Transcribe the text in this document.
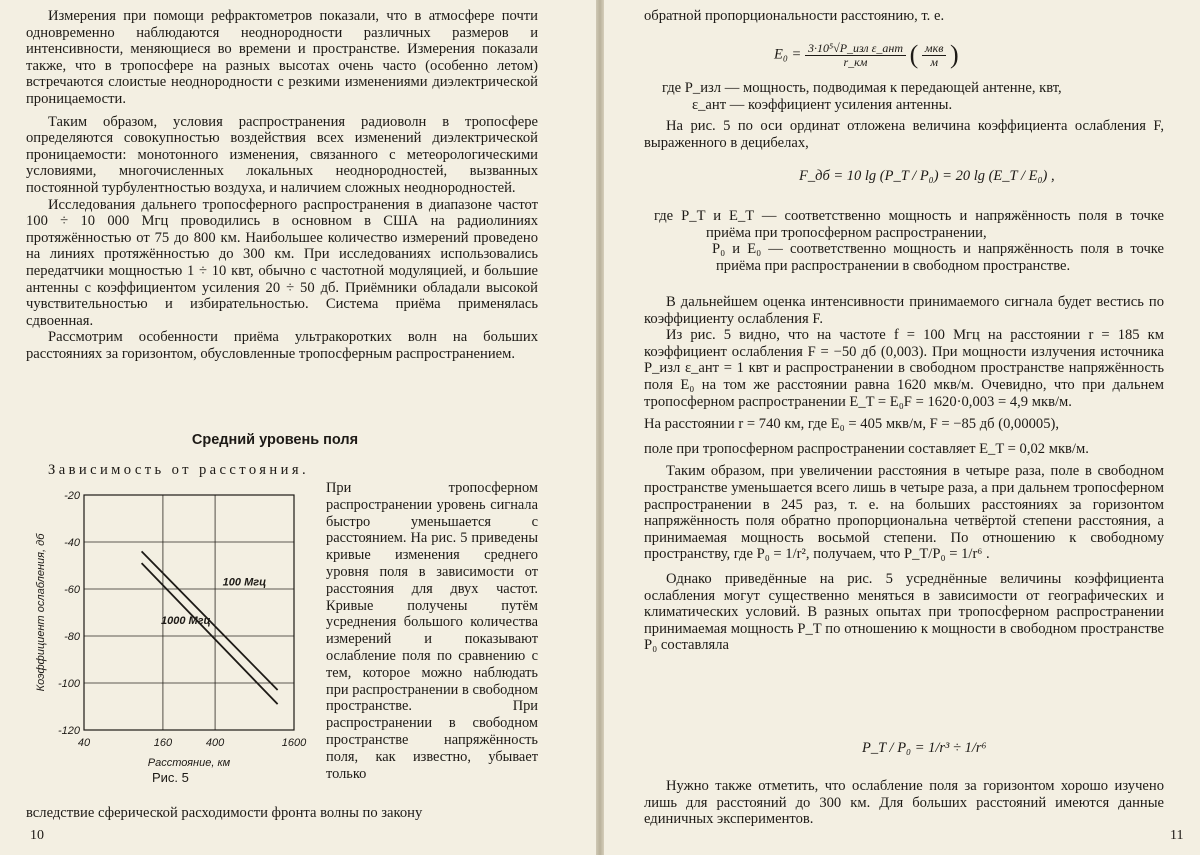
Измерения при помощи рефрактометров показали, что в атмосфере почти одновременно наблюдаются неоднородности различных размеров и интенсивности, меняющиеся во времени и пространстве. Измерения показали также, что в тропосфере на разных высотах очень часто (особенно летом) встречаются слоистые неоднородности с резкими изменениями диэлектрической проницаемости.

Таким образом, условия распространения радиоволн в тропосфере определяются совокупностью воздействия всех изменений диэлектрической проницаемости: монотонного изменения, связанного с метеорологическими условиями, многочисленных локальных неоднородностей, вызванных постоянной турбулентностью воздуха, и наличием сложных неоднородностей.

Исследования дальнего тропосферного распространения в диапазоне частот 100 ÷ 10 000 Мгц проводились в основном в США на радиолиниях протяжённостью от 75 до 800 км. Наибольшее количество измерений проведено на линиях протяжённостью до 300 км. При исследованиях использовались передатчики мощностью 1 ÷ 10 квт, обычно с частотной модуляцией, и большие антенны с коэффициентом усиления 20 ÷ 50 дб. Приёмники обладали высокой чувствительностью и избирательностью. Система приёма применялась сдвоенная.

Рассмотрим особенности приёма ультракоротких волн на больших расстояниях за горизонтом, обусловленные тропосферным распространением.

Средний уровень поля
Зависимость от расстояния.
40	160	400	1600
-20
-40
-60
-80
-100
-120
100 Мгц
1000 Мгц
Коэффициент ослабления, дб
Расстояние, км
Рис. 5
При тропосферном распространении уровень сигнала быстро уменьшается с расстоянием. На рис. 5 приведены кривые изменения среднего уровня поля в зависимости от расстояния для двух частот. Кривые получены путём усреднения большого количества измерений и показывают ослабление поля по сравнению с тем, которое можно наблюдать при распространении в свободном пространстве. При распространении в свободном пространстве напряжённость поля, как известно, убывает только
вследствие сферической расходимости фронта волны по закону
10
обратной пропорциональности расстоянию, т. е.
$E_0 = \frac{\text{3·10⁵√P\_изл ε\_ант}}{r\_км}$ ( $\frac{\text{мкв}}{м}$ )

где P_изл — мощность, подводимая к передающей антенне, квт,

ε_ант — коэффициент усиления антенны.

На рис. 5 по оси ординат отложена величина коэффициента ослабления F, выраженного в децибелах,

F_дб = 10 lg (P_T / P₀) = 20 lg (E_T / E₀) ,

где P_T и E_T — соответственно мощность и напряжённость поля в точке приёма при тропосферном распространении,

P₀ и E₀ — соответственно мощность и напряжённость поля в точке приёма при распространении в свободном пространстве.

В дальнейшем оценка интенсивности принимаемого сигнала будет вестись по коэффициенту ослабления F.

Из рис. 5 видно, что на частоте f = 100 Мгц на расстоянии r = 185 км коэффициент ослабления F = −50 дб (0,003). При мощности излучения источника P_изл ε_ант = 1 квт и распространении в свободном пространстве напряжённость поля E₀ на том же расстоянии равна 1620 мкв/м. Очевидно, что при дальнем тропосферном распространении E_T = E₀F = 1620·0,003 = 4,9 мкв/м.

На расстоянии r = 740 км, где E₀ = 405 мкв/м, F = −85 дб (0,00005),

поле при тропосферном распространении составляет E_T = 0,02 мкв/м.

Таким образом, при увеличении расстояния в четыре раза, поле в свободном пространстве уменьшается всего лишь в четыре раза, а при дальнем тропосферном распространении в 245 раз, т. е. на больших расстояниях за горизонтом напряжённость поля обратно пропорциональна четвёртой степени расстояния, а принимаемая мощность восьмой степени. По отношению к свободному пространству, где P₀ = 1/r², получаем, что P_T/P₀ = 1/r⁶ .

Однако приведённые на рис. 5 усреднённые величины коэффициента ослабления могут существенно меняться в зависимости от географических и климатических условий. В разных опытах при тропосферном распространении принимаемая мощность P_T по отношению к мощности в свободном пространстве P₀ составляла

P_T / P₀ = 1/r³ ÷ 1/r⁶

Нужно также отметить, что ослабление поля за горизонтом хорошо изучено лишь для расстояний до 300 км. Для больших расстояний имеются данные единичных экспериментов.

11
